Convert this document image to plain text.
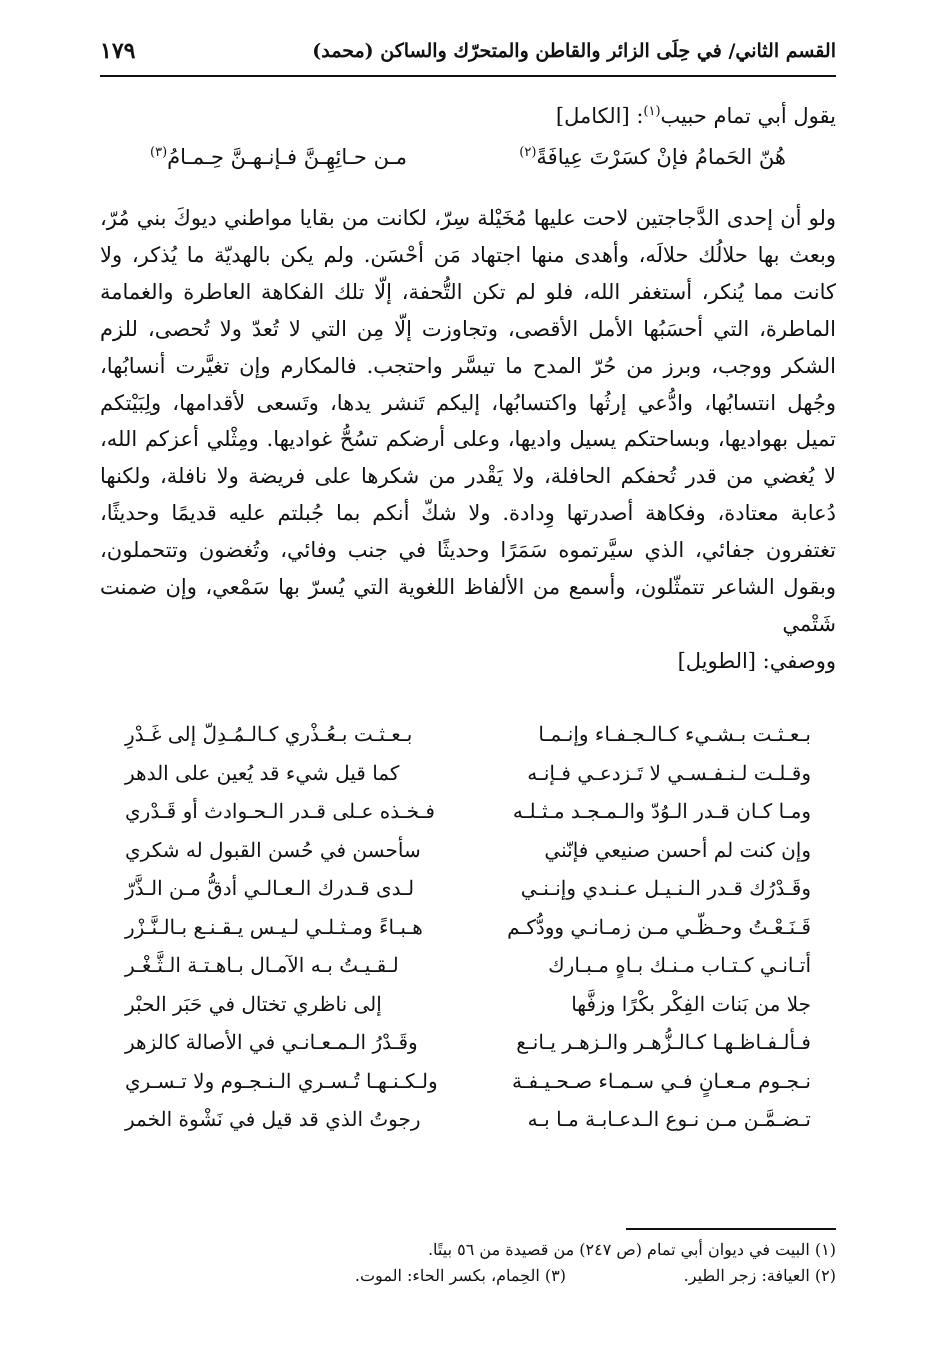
القسم الثاني/ في حِلَى الزائر والقاطن والمتحرّك والساكن (محمد)
١٧٩
يقول أبي تمام حبيب$^{(١)}$: [الكامل]
هُنّ الحَمامُ فإنْ كسَرْتَ عِيافَةً$^{(٢)}$
مـن حـائِهِـنَّ فـإنـهـنَّ حِـمـامُ$^{(٣)}$

ولو أن إحدى الدَّجاجتين لاحت عليها مُخَيْلة سِرّ، لكانت من بقايا مواطني ديوكَ بني مُرّ، وبعث بها حلالُك حلالَه، وأهدى منها اجتهاد مَن أحْسَن. ولم يكن بالهديّة ما يُذكر، ولا كانت مما يُنكر، أستغفر الله، فلو لم تكن التُّحفة، إلّا تلك الفكاهة العاطرة والغمامة الماطرة، التي أحسَبُها الأمل الأقصى، وتجاوزت إلّا مِن التي لا تُعدّ ولا تُحصى، للزم الشكر ووجب، وبرز من حُرّ المدح ما تيسَّر واحتجب. فالمكارم وإن تغيَّرت أنسابُها، وجُهل انتسابُها، وادُّعي إرثُها واكتسابُها، إليكم تَنشر يدها، وتَسعى لأقدامها، ولِبَيْتكم تميل بهواديها، وبساحتكم يسيل واديها، وعلى أرضكم تسُحُّ غواديها. ومِثْلي أعزكم الله، لا يُغضي من قدر تُحفكم الحافلة، ولا يَقْدر من شكرها على فريضة ولا نافلة، ولكنها دُعابة معتادة، وفكاهة أصدرتها وِدادة. ولا شكّ أنكم بما جُبلتم عليه قديمًا وحديثًا، تغتفرون جفائي، الذي سيَّرتموه سَمَرًا وحديثًا في جنب وفائي، وتُغضون وتتحملون، وبقول الشاعر تتمثّلون، وأسمع من الألفاظ اللغوية التي يُسرّ بها سَمْعي، وإن ضمنت شَتْمي

ووصفي: [الطويل]

بـعـثـت بـشـيء كـالـجـفـاء وإنـمـا
بـعـثـت بـعُـذْري كـالـمُـدِلّ إلى غَـدْرِ
وقـلـت لـنـفـسـي لا تَـزدعـي فـإنـه
كما قيل شيء قد يُعين على الدهر
ومـا كـان قـدر الـوُدّ والـمـجـد مـثـلـه
فـخـذه عـلى قـدر الـحـوادث أو قَـدْري
وإن كنت لم أحسن صنيعي فإنّني
سأحسن في حُسن القبول له شكري
وقَـدْرُك قـدر الـنـيـل عـنـدي وإنـنـي
لـدى قـدرك الـعـالـي أدقُّ مـن الـذَّرّ
قَـنَـعْـتُ وحـظّـي مـن زمـانـي وودُّكـم
هـبـاءً ومـثـلـي لـيـس يـقـنـع بـالـنَّـزْر
أتـانـي كـتـاب مـنـك بـاهٍ مـبـارك
لـقـيـتُ بـه الآمـال بـاهـتـة الـثَّـغْـر
جلا من بَنات الفِكْر بكْرًا وزفَّها
إلى ناظري تختال في حَبَر الحبْر
فـألـفـاظـهـا كـالـزُّهـر والـزهـر يـانـع
وقَـدْرُ الـمـعـانـي في الأصالة كالزهر
نـجـوم مـعـانٍ فـي سـمـاء صـحـيـفـة
ولـكـنـهـا تُـسـري الـنـجـوم ولا تـسـري
تـضـمَّـن مـن نـوع الـدعـابـة مـا بـه
رجوتُ الذي قد قيل في نَشْوة الخمر
(١) البيت في ديوان أبي تمام (ص ٢٤٧) من قصيدة من ٥٦ بيتًا.
(٢) العيافة: زجر الطير.
(٣) الحِمام، بكسر الحاء: الموت.
